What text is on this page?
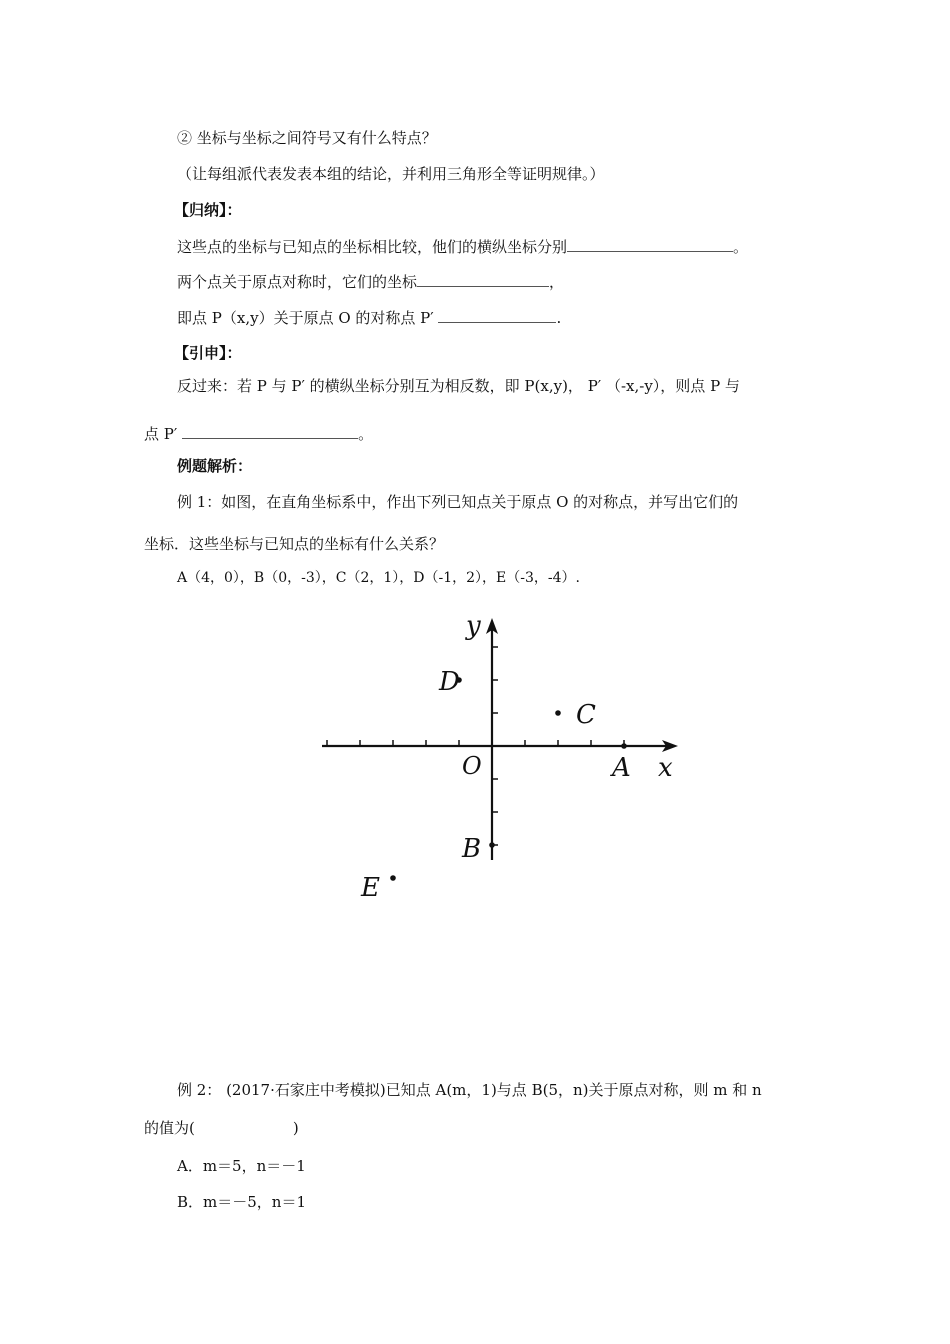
② 坐标与坐标之间符号又有什么特点？
（让每组派代表发表本组的结论，并利用三角形全等证明规律。）
【归纳】：
这些点的坐标与已知点的坐标相比较，他们的横纵坐标分别	。
两个点关于原点对称时，它们的坐标	，
即点 P（x,y）关于原点 O 的对称点 P′	.
【引申】：
反过来：若 P 与 P′ 的横纵坐标分别互为相反数，即 P(x,y)， P′ （-x,-y），则点 P 与
点 P′	。
例题解析：
例 1：如图，在直角坐标系中，作出下列已知点关于原点 O 的对称点，并写出它们的
坐标．这些坐标与已知点的坐标有什么关系？
A（4，0），B（0，-3），C（2，1），D（-1，2），E（-3，-4）.
A
B
C
D
E
x
y
O
例 2： (2017·石家庄中考模拟)已知点 A(m，1)与点 B(5，n)关于原点对称，则 m 和 n
的值为(	)
A．m＝5，n＝－1
B．m＝－5，n＝1
